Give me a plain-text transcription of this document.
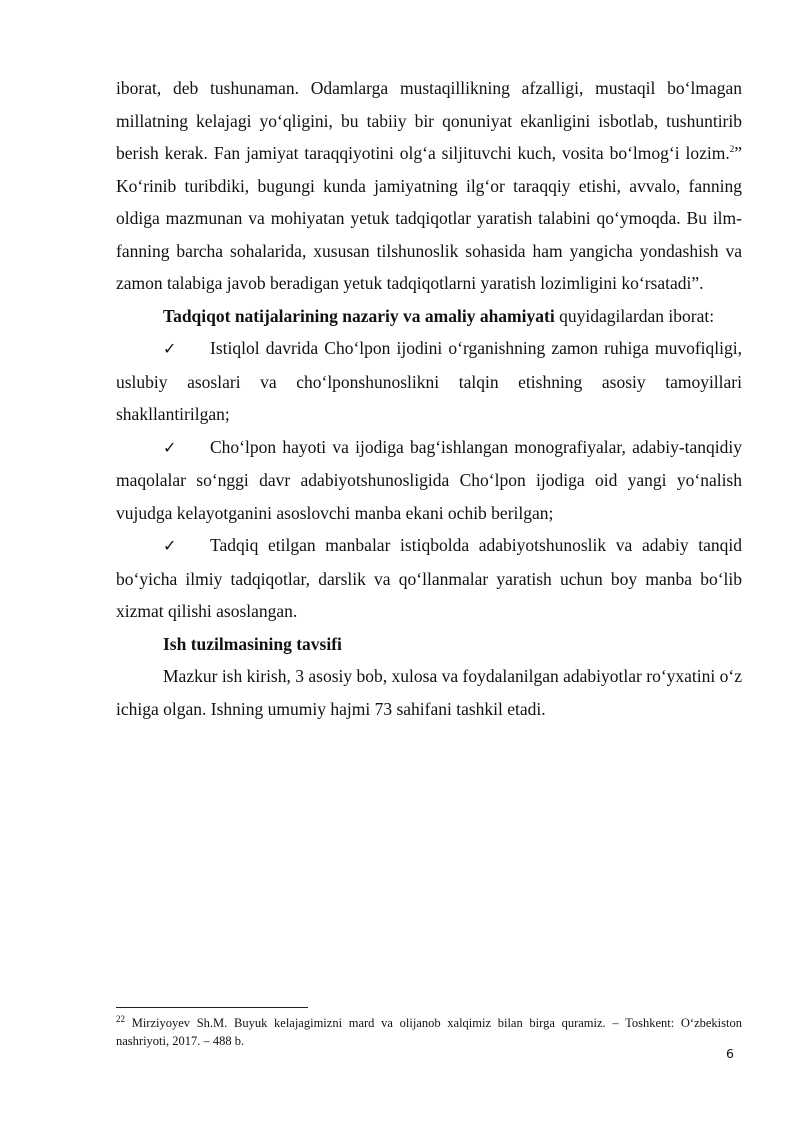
iborat, deb tushunaman. Odamlarga mustaqillikning afzalligi, mustaqil bo‘lmagan millatning kelajagi yo‘qligini, bu tabiiy bir qonuniyat ekanligini isbotlab, tushuntirib berish kerak. Fan jamiyat taraqqiyotini olg‘a siljituvchi kuch, vosita bo‘lmog‘i lozim.$^2$” Ko‘rinib turibdiki, bugungi kunda jamiyatning ilg‘or taraqqiy etishi, avvalo, fanning oldiga mazmunan va mohiyatan yetuk tadqiqotlar yaratish talabini qo‘ymoqda. Bu ilm-fanning barcha sohalarida, xususan tilshunoslik sohasida ham yangicha yondashish va zamon talabiga javob beradigan yetuk tadqiqotlarni yaratish lozimligini ko‘rsatadi”.

Tadqiqot natijalarining nazariy va amaliy ahamiyati quyidagilardan iborat:

✓ Istiqlol davrida Cho‘lpon ijodini o‘rganishning zamon ruhiga muvofiqligi, uslubiy asoslari va cho‘lponshunoslikni talqin etishning asosiy tamoyillari shakllantirilgan;

✓ Cho‘lpon hayoti va ijodiga bag‘ishlangan monografiyalar, adabiy-tanqidiy maqolalar so‘nggi davr adabiyotshunosligida Cho‘lpon ijodiga oid yangi yo‘nalish vujudga kelayotganini asoslovchi manba ekani ochib berilgan;

✓ Tadqiq etilgan manbalar istiqbolda adabiyotshunoslik va adabiy tanqid bo‘yicha ilmiy tadqiqotlar, darslik va qo‘llanmalar yaratish uchun boy manba bo‘lib xizmat qilishi asoslangan.

Ish tuzilmasining tavsifi

Mazkur ish kirish, 3 asosiy bob, xulosa va foydalanilgan adabiyotlar ro‘yxatini o‘z ichiga olgan. Ishning umumiy hajmi 73 sahifani tashkil etadi.

$^{22}$ Mirziyoyev Sh.M. Buyuk kelajagimizni mard va olijanob xalqimiz bilan birga quramiz. – Toshkent: O‘zbekiston nashriyoti, 2017. – 488 b.
6
